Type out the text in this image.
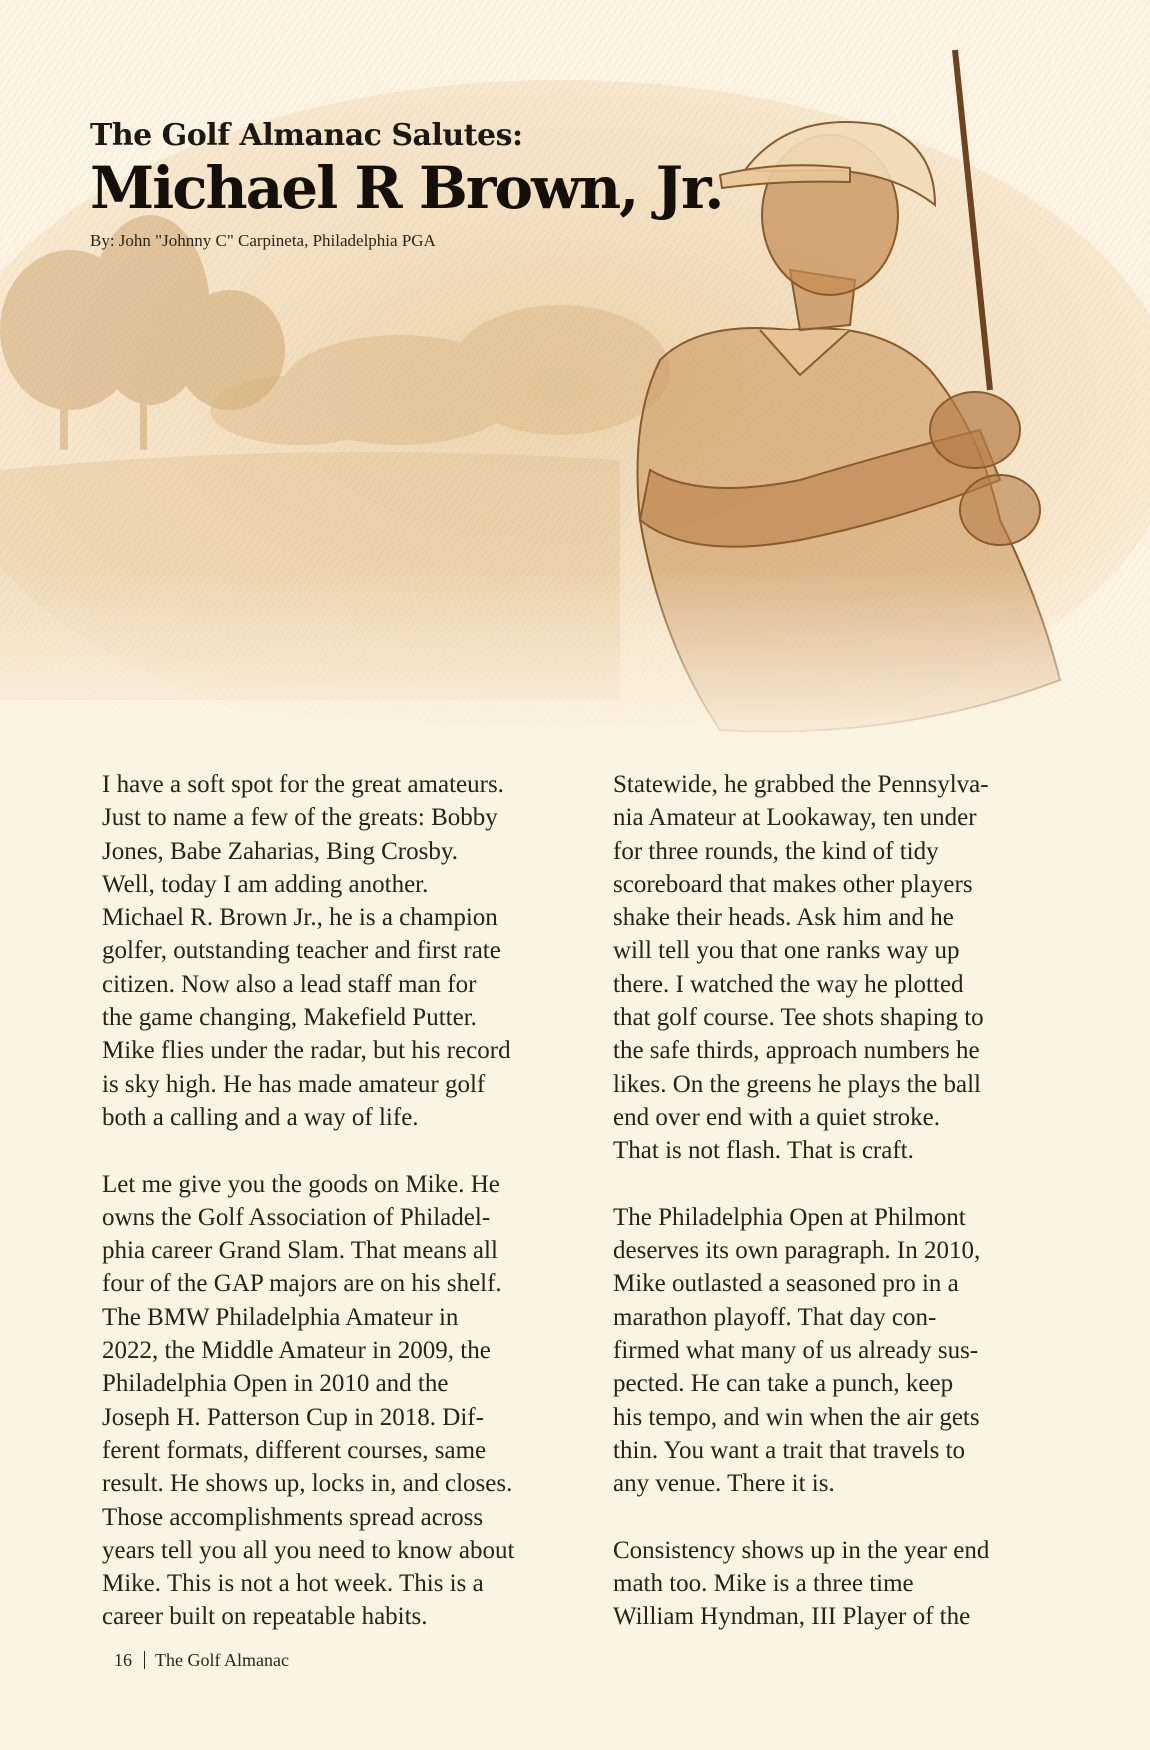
The Golf Almanac Salutes:
Michael R Brown, Jr.
By: John "Johnny C" Carpineta, Philadelphia PGA

I have a soft spot for the great amateurs.
Just to name a few of the greats: Bobby
Jones, Babe Zaharias, Bing Crosby.
Well, today I am adding another.
Michael R. Brown Jr., he is a champion
golfer, outstanding teacher and first rate
citizen. Now also a lead staff man for
the game changing, Makefield Putter.
Mike flies under the radar, but his record
is sky high. He has made amateur golf
both a calling and a way of life.

Let me give you the goods on Mike. He
owns the Golf Association of Philadel-
phia career Grand Slam. That means all
four of the GAP majors are on his shelf.
The BMW Philadelphia Amateur in
2022, the Middle Amateur in 2009, the
Philadelphia Open in 2010 and the
Joseph H. Patterson Cup in 2018. Dif-
ferent formats, different courses, same
result. He shows up, locks in, and closes.
Those accomplishments spread across
years tell you all you need to know about
Mike. This is not a hot week. This is a
career built on repeatable habits.

Statewide, he grabbed the Pennsylva-
nia Amateur at Lookaway, ten under
for three rounds, the kind of tidy
scoreboard that makes other players
shake their heads. Ask him and he
will tell you that one ranks way up
there. I watched the way he plotted
that golf course. Tee shots shaping to
the safe thirds, approach numbers he
likes. On the greens he plays the ball
end over end with a quiet stroke.
That is not flash. That is craft.

The Philadelphia Open at Philmont
deserves its own paragraph. In 2010,
Mike outlasted a seasoned pro in a
marathon playoff. That day con-
firmed what many of us already sus-
pected. He can take a punch, keep
his tempo, and win when the air gets
thin. You want a trait that travels to
any venue. There it is.

Consistency shows up in the year end
math too. Mike is a three time
William Hyndman, III Player of the

16 The Golf Almanac
